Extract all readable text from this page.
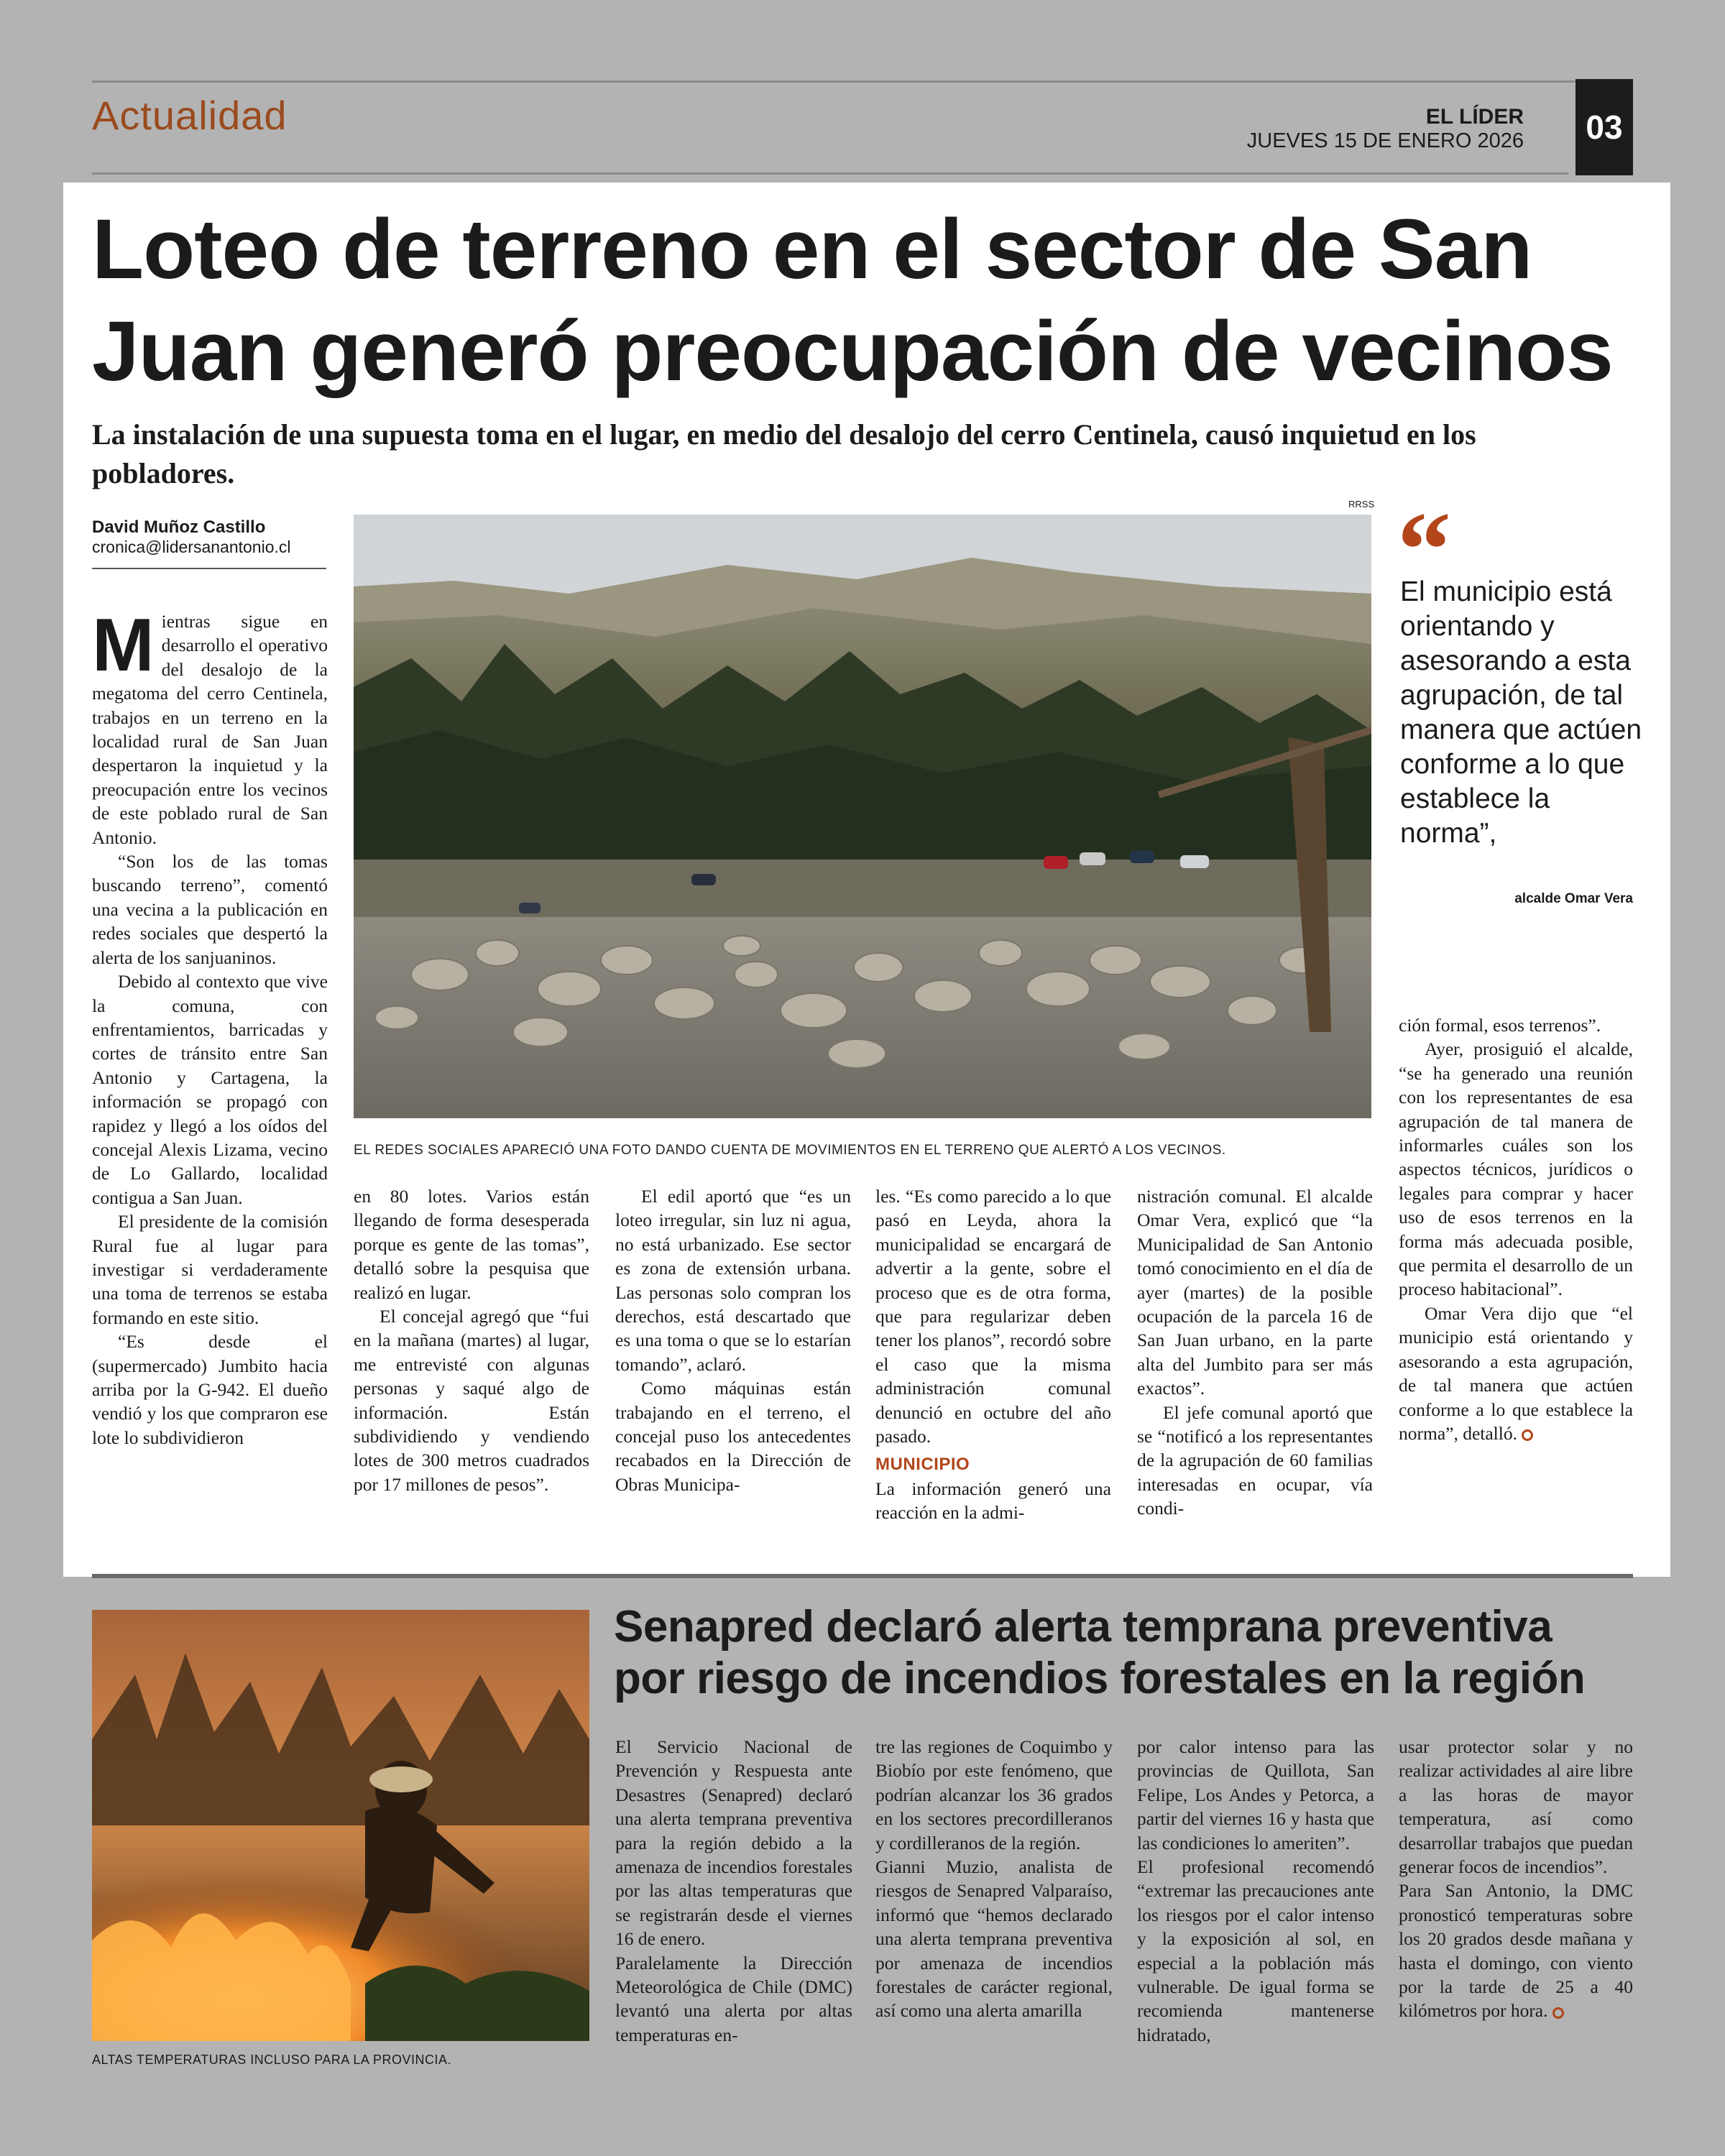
Actualidad	EL LÍDER
JUEVES 15 DE ENERO 2026	03
Loteo de terreno en el sector de San Juan generó preocupación de vecinos
La instalación de una supuesta toma en el lugar, en medio del desalojo del cerro Centinela, causó inquietud en los pobladores.
David Muñoz Castillo
cronica@lidersanantonio.cl
RRSS
EL REDES SOCIALES APARECIÓ UNA FOTO DANDO CUENTA DE MOVIMIENTOS EN EL TERRENO QUE ALERTÓ A LOS VECINOS.
“
El municipio está orientando y asesorando a esta agrupación, de tal manera que actúen conforme a lo que establece la norma”,
alcalde Omar Vera

Mientras sigue en desarrollo el operativo del desalojo de la megatoma del cerro Centinela, trabajos en un terreno en la localidad rural de San Juan despertaron la inquietud y la preocupación entre los vecinos de este poblado rural de San Antonio.

“Son los de las tomas buscando terreno”, comentó una vecina a la publicación en redes sociales que despertó la alerta de los sanjuaninos.

Debido al contexto que vive la comuna, con enfrentamientos, barricadas y cortes de tránsito entre San Antonio y Cartagena, la información se propagó con rapidez y llegó a los oídos del concejal Alexis Lizama, vecino de Lo Gallardo, localidad contigua a San Juan.

El presidente de la comisión Rural fue al lugar para investigar si verdaderamente una toma de terrenos se estaba formando en este sitio.

“Es desde el (supermercado) Jumbito hacia arriba por la G-942. El dueño vendió y los que compraron ese lote lo subdividieron

en 80 lotes. Varios están llegando de forma desesperada porque es gente de las tomas”, detalló sobre la pesquisa que realizó en lugar.

El concejal agregó que “fui en la mañana (martes) al lugar, me entrevisté con algunas personas y saqué algo de información. Están subdividiendo y vendiendo lotes de 300 metros cuadrados por 17 millones de pesos”.

El edil aportó que “es un loteo irregular, sin luz ni agua, no está urbanizado. Ese sector es zona de extensión urbana. Las personas solo compran los derechos, está descartado que es una toma o que se lo estarían tomando”, aclaró.

Como máquinas están trabajando en el terreno, el concejal puso los antecedentes recabados en la Dirección de Obras Municipa-

les. “Es como parecido a lo que pasó en Leyda, ahora la municipalidad se encargará de advertir a la gente, sobre el proceso que es de otra forma, que para regularizar deben tener los planos”, recordó sobre el caso que la misma administración comunal denunció en octubre del año pasado.

MUNICIPIO

La información generó una reacción en la admi-

nistración comunal. El alcalde Omar Vera, explicó que “la Municipalidad de San Antonio tomó conocimiento en el día de ayer (martes) de la posible ocupación de la parcela 16 de San Juan urbano, en la parte alta del Jumbito para ser más exactos”.

El jefe comunal aportó que se “notificó a los representantes de la agrupación de 60 familias interesadas en ocupar, vía condi-

ción formal, esos terrenos”.

Ayer, prosiguió el alcalde, “se ha generado una reunión con los representantes de esa agrupación de tal manera de informarles cuáles son los aspectos técnicos, jurídicos o legales para comprar y hacer uso de esos terrenos en la forma más adecuada posible, que permita el desarrollo de un proceso habitacional”.

Omar Vera dijo que “el municipio está orientando y asesorando a esta agrupación, de tal manera que actúen conforme a lo que establece la norma”, detalló.

ALTAS TEMPERATURAS INCLUSO PARA LA PROVINCIA.
Senapred declaró alerta temprana preventiva por riesgo de incendios forestales en la región

El Servicio Nacional de Prevención y Respuesta ante Desastres (Senapred) declaró una alerta temprana preventiva para la región debido a la amenaza de incendios forestales por las altas temperaturas que se registrarán desde el viernes 16 de enero.

Paralelamente la Dirección Meteorológica de Chile (DMC) levantó una alerta por altas temperaturas en-

tre las regiones de Coquimbo y Biobío por este fenómeno, que podrían alcanzar los 36 grados en los sectores precordilleranos y cordilleranos de la región.

Gianni Muzio, analista de riesgos de Senapred Valparaíso, informó que “hemos declarado una alerta temprana preventiva por amenaza de incendios forestales de carácter regional, así como una alerta amarilla

por calor intenso para las provincias de Quillota, San Felipe, Los Andes y Petorca, a partir del viernes 16 y hasta que las condiciones lo ameriten”.

El profesional recomendó “extremar las precauciones ante los riesgos por el calor intenso y la exposición al sol, en especial a la población más vulnerable. De igual forma se recomienda mantenerse hidratado,

usar protector solar y no realizar actividades al aire libre a las horas de mayor temperatura, así como desarrollar trabajos que puedan generar focos de incendios”.

Para San Antonio, la DMC pronosticó temperaturas sobre los 20 grados desde mañana y hasta el domingo, con viento por la tarde de 25 a 40 kilómetros por hora.
